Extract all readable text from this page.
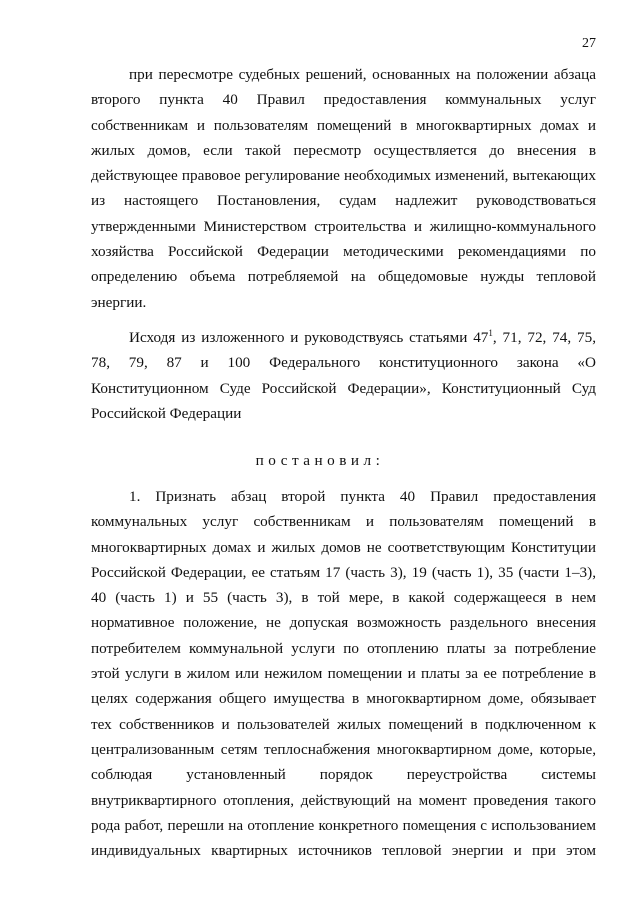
27
при пересмотре судебных решений, основанных на положении абзаца
второго пункта 40 Правил предоставления коммунальных услуг
собственникам и пользователям помещений в многоквартирных домах и
жилых домов, если такой пересмотр осуществляется до внесения в
действующее правовое регулирование необходимых изменений, вытекающих
из настоящего Постановления, судам надлежит руководствоваться
утвержденными Министерством строительства и жилищно-коммунального
хозяйства Российской Федерации методическими рекомендациями по
определению объема потребляемой на общедомовые нужды тепловой
энергии.
Исходя из изложенного и руководствуясь статьями $47^1$, 71, 72, 74, 75,
78, 79, 87 и 100 Федерального конституционного закона «О
Конституционном Суде Российской Федерации», Конституционный Суд
Российской Федерации
постановил:
1. Признать абзац второй пункта 40 Правил предоставления
коммунальных услуг собственникам и пользователям помещений в
многоквартирных домах и жилых домов не соответствующим Конституции
Российской Федерации, ее статьям 17 (часть 3), 19 (часть 1), 35 (части 1–3),
40 (часть 1) и 55 (часть 3), в той мере, в какой содержащееся в нем
нормативное положение, не допуская возможность раздельного внесения
потребителем коммунальной услуги по отоплению платы за потребление
этой услуги в жилом или нежилом помещении и платы за ее потребление в
целях содержания общего имущества в многоквартирном доме, обязывает
тех собственников и пользователей жилых помещений в подключенном к
централизованным сетям теплоснабжения многоквартирном доме, которые,
соблюдая установленный порядок переустройства системы
внутриквартирного отопления, действующий на момент проведения такого
рода работ, перешли на отопление конкретного помещения с использованием
индивидуальных квартирных источников тепловой энергии и при этом
